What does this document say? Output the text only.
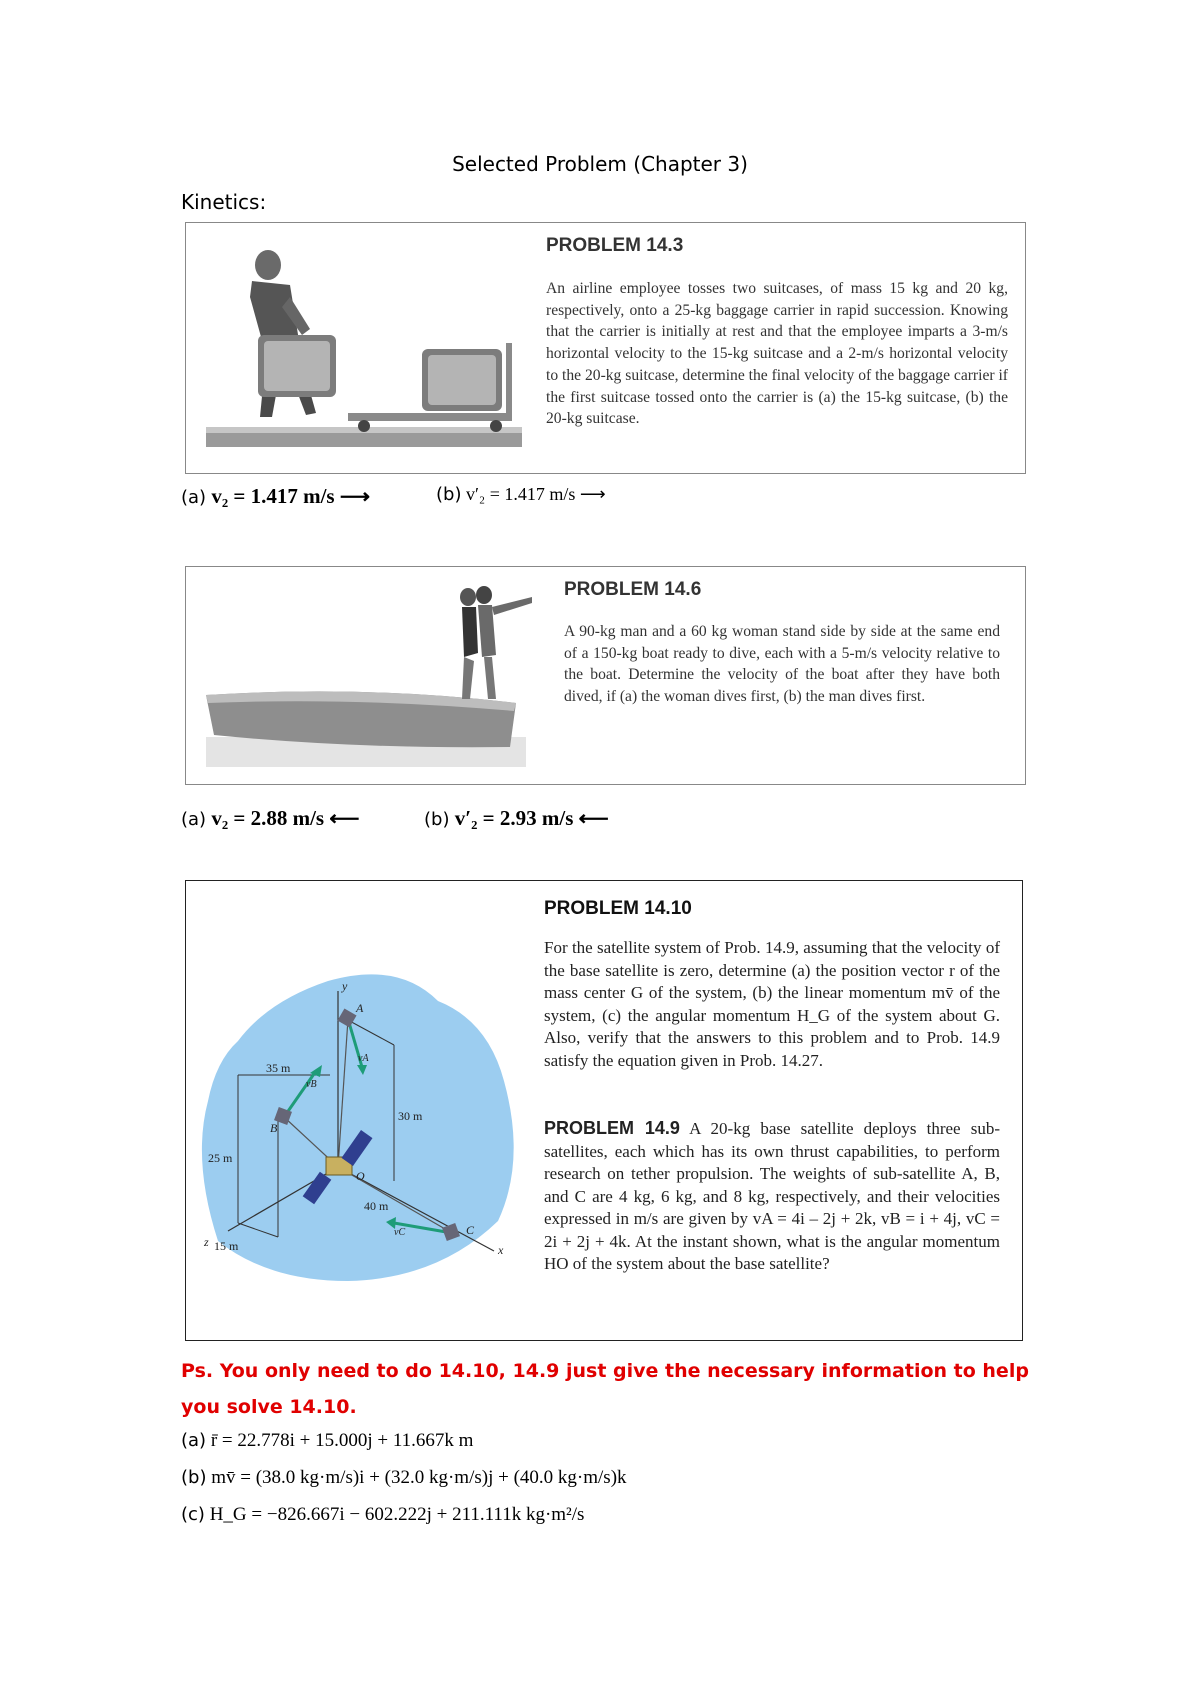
Selected Problem (Chapter 3)
Kinetics:
PROBLEM 14.3
An airline employee tosses two suitcases, of mass 15 kg and 20 kg, respectively, onto a 25-kg baggage carrier in rapid succession. Knowing that the carrier is initially at rest and that the employee imparts a 3-m/s horizontal velocity to the 15-kg suitcase and a 2-m/s horizontal velocity to the 20-kg suitcase, determine the final velocity of the baggage carrier if the first suitcase tossed onto the carrier is (a) the 15-kg suitcase, (b) the 20-kg suitcase.
(a) v₂ = 1.417 m/s ⟶	(b) v′₂ = 1.417 m/s ⟶
PROBLEM 14.6
A 90-kg man and a 60 kg woman stand side by side at the same end of a 150-kg boat ready to dive, each with a 5-m/s velocity relative to the boat. Determine the velocity of the boat after they have both dived, if (a) the woman dives first, (b) the man dives first.
(a) v₂ = 2.88 m/s ⟵	(b) v′₂ = 2.93 m/s ⟵
y
x
z
A
B
C
O
vA
vB
vC
35 m
30 m
25 m
40 m
15 m
PROBLEM 14.10
For the satellite system of Prob. 14.9, assuming that the velocity of the base satellite is zero, determine (a) the position vector r of the mass center G of the system, (b) the linear momentum mv̄ of the system, (c) the angular momentum H_G of the system about G. Also, verify that the answers to this problem and to Prob. 14.9 satisfy the equation given in Prob. 14.27.
PROBLEM 14.9 A 20-kg base satellite deploys three sub-satellites, each which has its own thrust capabilities, to perform research on tether propulsion. The weights of sub-satellite A, B, and C are 4 kg, 6 kg, and 8 kg, respectively, and their velocities expressed in m/s are given by vA = 4i – 2j + 2k, vB = i + 4j, vC = 2i + 2j + 4k. At the instant shown, what is the angular momentum HO of the system about the base satellite?
Ps. You only need to do 14.10, 14.9 just give the necessary information to help you solve 14.10.
(a) r̄ = 22.778i + 15.000j + 11.667k m
(b) mv̄ = (38.0 kg·m/s)i + (32.0 kg·m/s)j + (40.0 kg·m/s)k
(c) H_G = −826.667i − 602.222j + 211.111k kg·m²/s
